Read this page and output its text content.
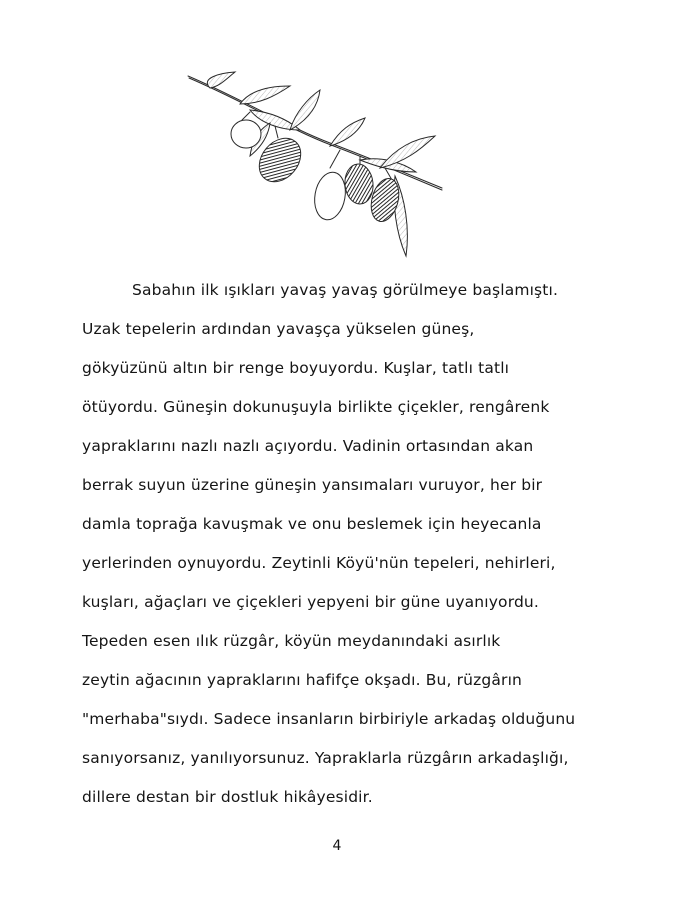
Sabahın ilk ışıkları yavaş yavaş görülmeye başlamıştı.
Uzak tepelerin ardından yavaşça yükselen güneş,
gökyüzünü altın bir renge boyuyordu. Kuşlar, tatlı tatlı
ötüyordu. Güneşin dokunuşuyla birlikte çiçekler, rengârenk
yapraklarını nazlı nazlı açıyordu. Vadinin ortasından akan
berrak suyun üzerine güneşin yansımaları vuruyor, her bir
damla toprağa kavuşmak ve onu beslemek için heyecanla
yerlerinden oynuyordu. Zeytinli Köyü'nün tepeleri, nehirleri,
kuşları, ağaçları ve çiçekleri yepyeni bir güne uyanıyordu.
Tepeden esen ılık rüzgâr, köyün meydanındaki asırlık
zeytin ağacının yapraklarını hafifçe okşadı. Bu, rüzgârın
"merhaba"sıydı. Sadece insanların birbiriyle arkadaş olduğunu
sanıyorsanız, yanılıyorsunuz. Yapraklarla rüzgârın arkadaşlığı,
dillere destan bir dostluk hikâyesidir.
4
